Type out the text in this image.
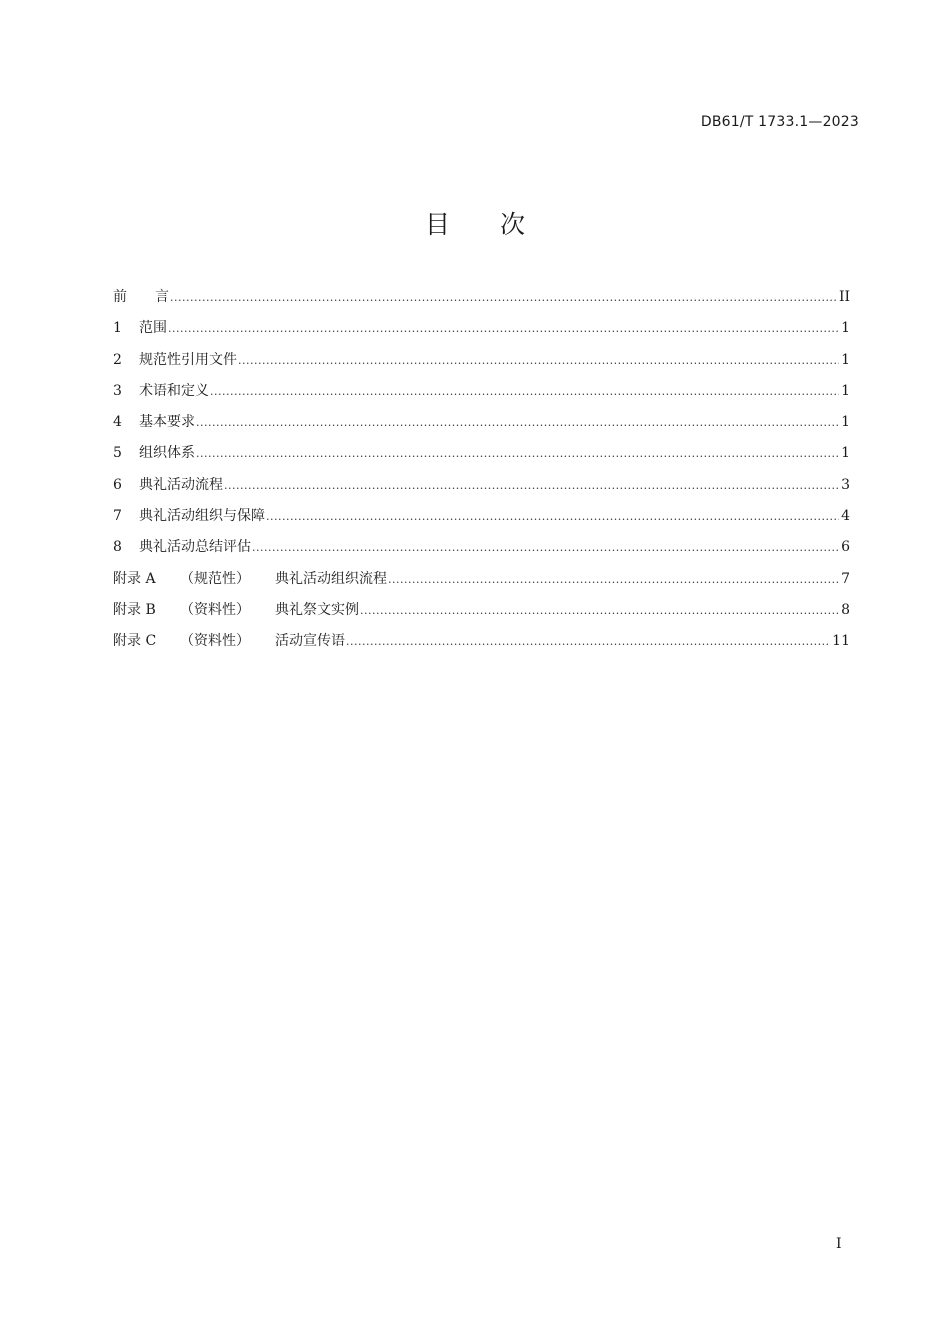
DB61/T 1733.1—2023
目 次
前　　言 .....	II
1 范围 .....	1
2 规范性引用文件 .....	1
3 术语和定义 .....	1
4 基本要求 .....	1
5 组织体系 .....	1
6 典礼活动流程 .....	3
7 典礼活动组织与保障 .....	4
8 典礼活动总结评估 .....	6
附录 A （规范性） 典礼活动组织流程 .....	7
附录 B （资料性） 典礼祭文实例 .....	8
附录 C （资料性） 活动宣传语 .....	11
I
